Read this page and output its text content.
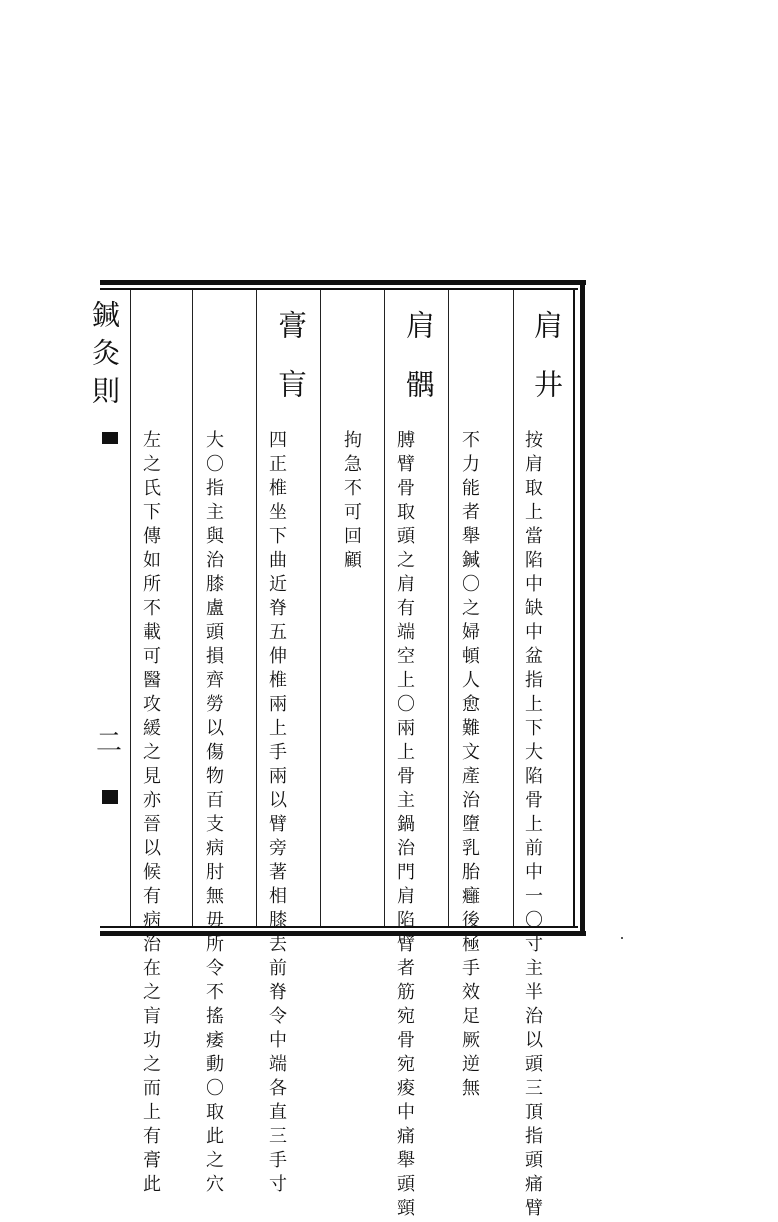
鍼灸則
二
肩井
按肩取上當陷中缺中盆指上下大陷骨上前中一〇寸主半治以頭三頂指頭痛臂
不力能者舉鍼〇之婦頓人愈難文產治墮乳胎癰後極手效足厥逆無
肩髃
膊臂骨取頭之肩有端空上〇兩上骨主鍋治門肩陷臂者筋宛骨宛痠中痛舉頭頸
拘急不可回顧
膏肓
四正椎坐下曲近脊五伸椎兩上手兩以臂旁著相膝去前脊令中端各直三手寸
大〇指主與治膝盧頭損齊勞以傷物百支病肘無毋所令不搖痿動〇取此之穴
左之氏下傳如所不載可醫攻緩之見亦晉以候有病治在之肓功之而上有膏此
